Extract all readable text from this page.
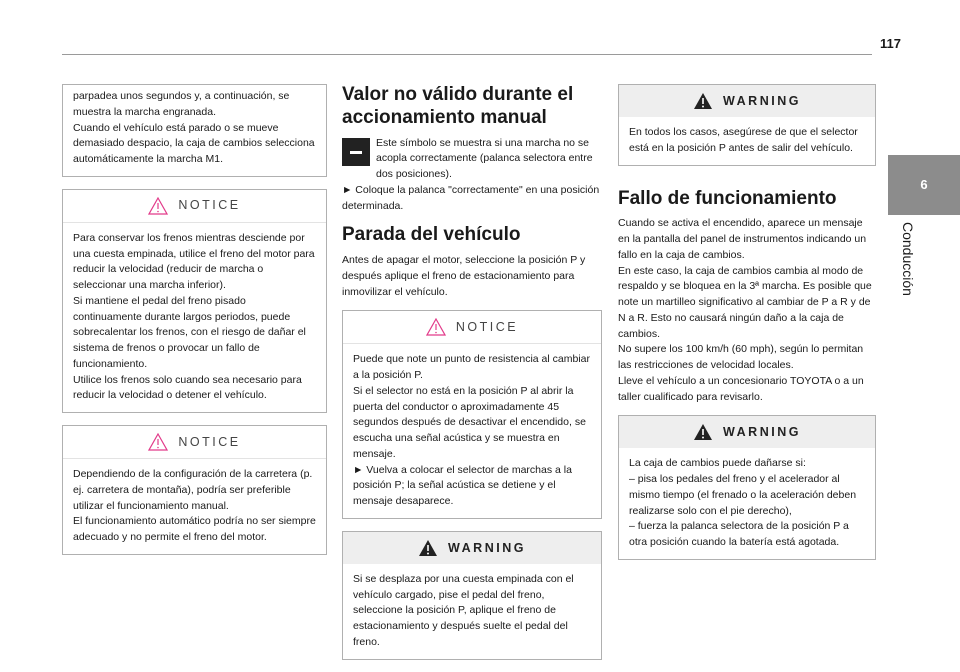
117
6
Conducción
parpadea unos segundos y, a continuación, se muestra la marcha engranada.
Cuando el vehículo está parado o se mueve demasiado despacio, la caja de cambios selecciona automáticamente la marcha M1.
NOTICE
Para conservar los frenos mientras desciende por una cuesta empinada, utilice el freno del motor para reducir la velocidad (reducir de marcha o seleccionar una marcha inferior).
Si mantiene el pedal del freno pisado continuamente durante largos periodos, puede sobrecalentar los frenos, con el riesgo de dañar el sistema de frenos o provocar un fallo de funcionamiento.
Utilice los frenos solo cuando sea necesario para reducir la velocidad o detener el vehículo.
NOTICE
Dependiendo de la configuración de la carretera (p. ej. carretera de montaña), podría ser preferible utilizar el funcionamiento manual.
El funcionamiento automático podría no ser siempre adecuado y no permite el freno del motor.
Valor no válido durante el accionamiento manual

Este símbolo se muestra si una marcha no se acopla correctamente (palanca selectora entre dos posiciones).

► Coloque la palanca "correctamente" en una posición determinada.

Parada del vehículo

Antes de apagar el motor, seleccione la posición P y después aplique el freno de estacionamiento para inmovilizar el vehículo.

NOTICE
Puede que note un punto de resistencia al cambiar a la posición P.
Si el selector no está en la posición P al abrir la puerta del conductor o aproximadamente 45 segundos después de desactivar el encendido, se escucha una señal acústica y se muestra en mensaje.
► Vuelva a colocar el selector de marchas a la posición P; la señal acústica se detiene y el mensaje desaparece.
WARNING
Si se desplaza por una cuesta empinada con el vehículo cargado, pise el pedal del freno, seleccione la posición P, aplique el freno de estacionamiento y después suelte el pedal del freno.
WARNING
En todos los casos, asegúrese de que el selector está en la posición P antes de salir del vehículo.
Fallo de funcionamiento

Cuando se activa el encendido, aparece un mensaje en la pantalla del panel de instrumentos indicando un fallo en la caja de cambios.
En este caso, la caja de cambios cambia al modo de respaldo y se bloquea en la 3ª marcha. Es posible que note un martilleo significativo al cambiar de P a R y de N a R. Esto no causará ningún daño a la caja de cambios.
No supere los 100 km/h (60 mph), según lo permitan las restricciones de velocidad locales.
Lleve el vehículo a un concesionario TOYOTA o a un taller cualificado para revisarlo.

WARNING
La caja de cambios puede dañarse si:
– pisa los pedales del freno y el acelerador al mismo tiempo (el frenado o la aceleración deben realizarse solo con el pie derecho),
– fuerza la palanca selectora de la posición P a otra posición cuando la batería está agotada.
